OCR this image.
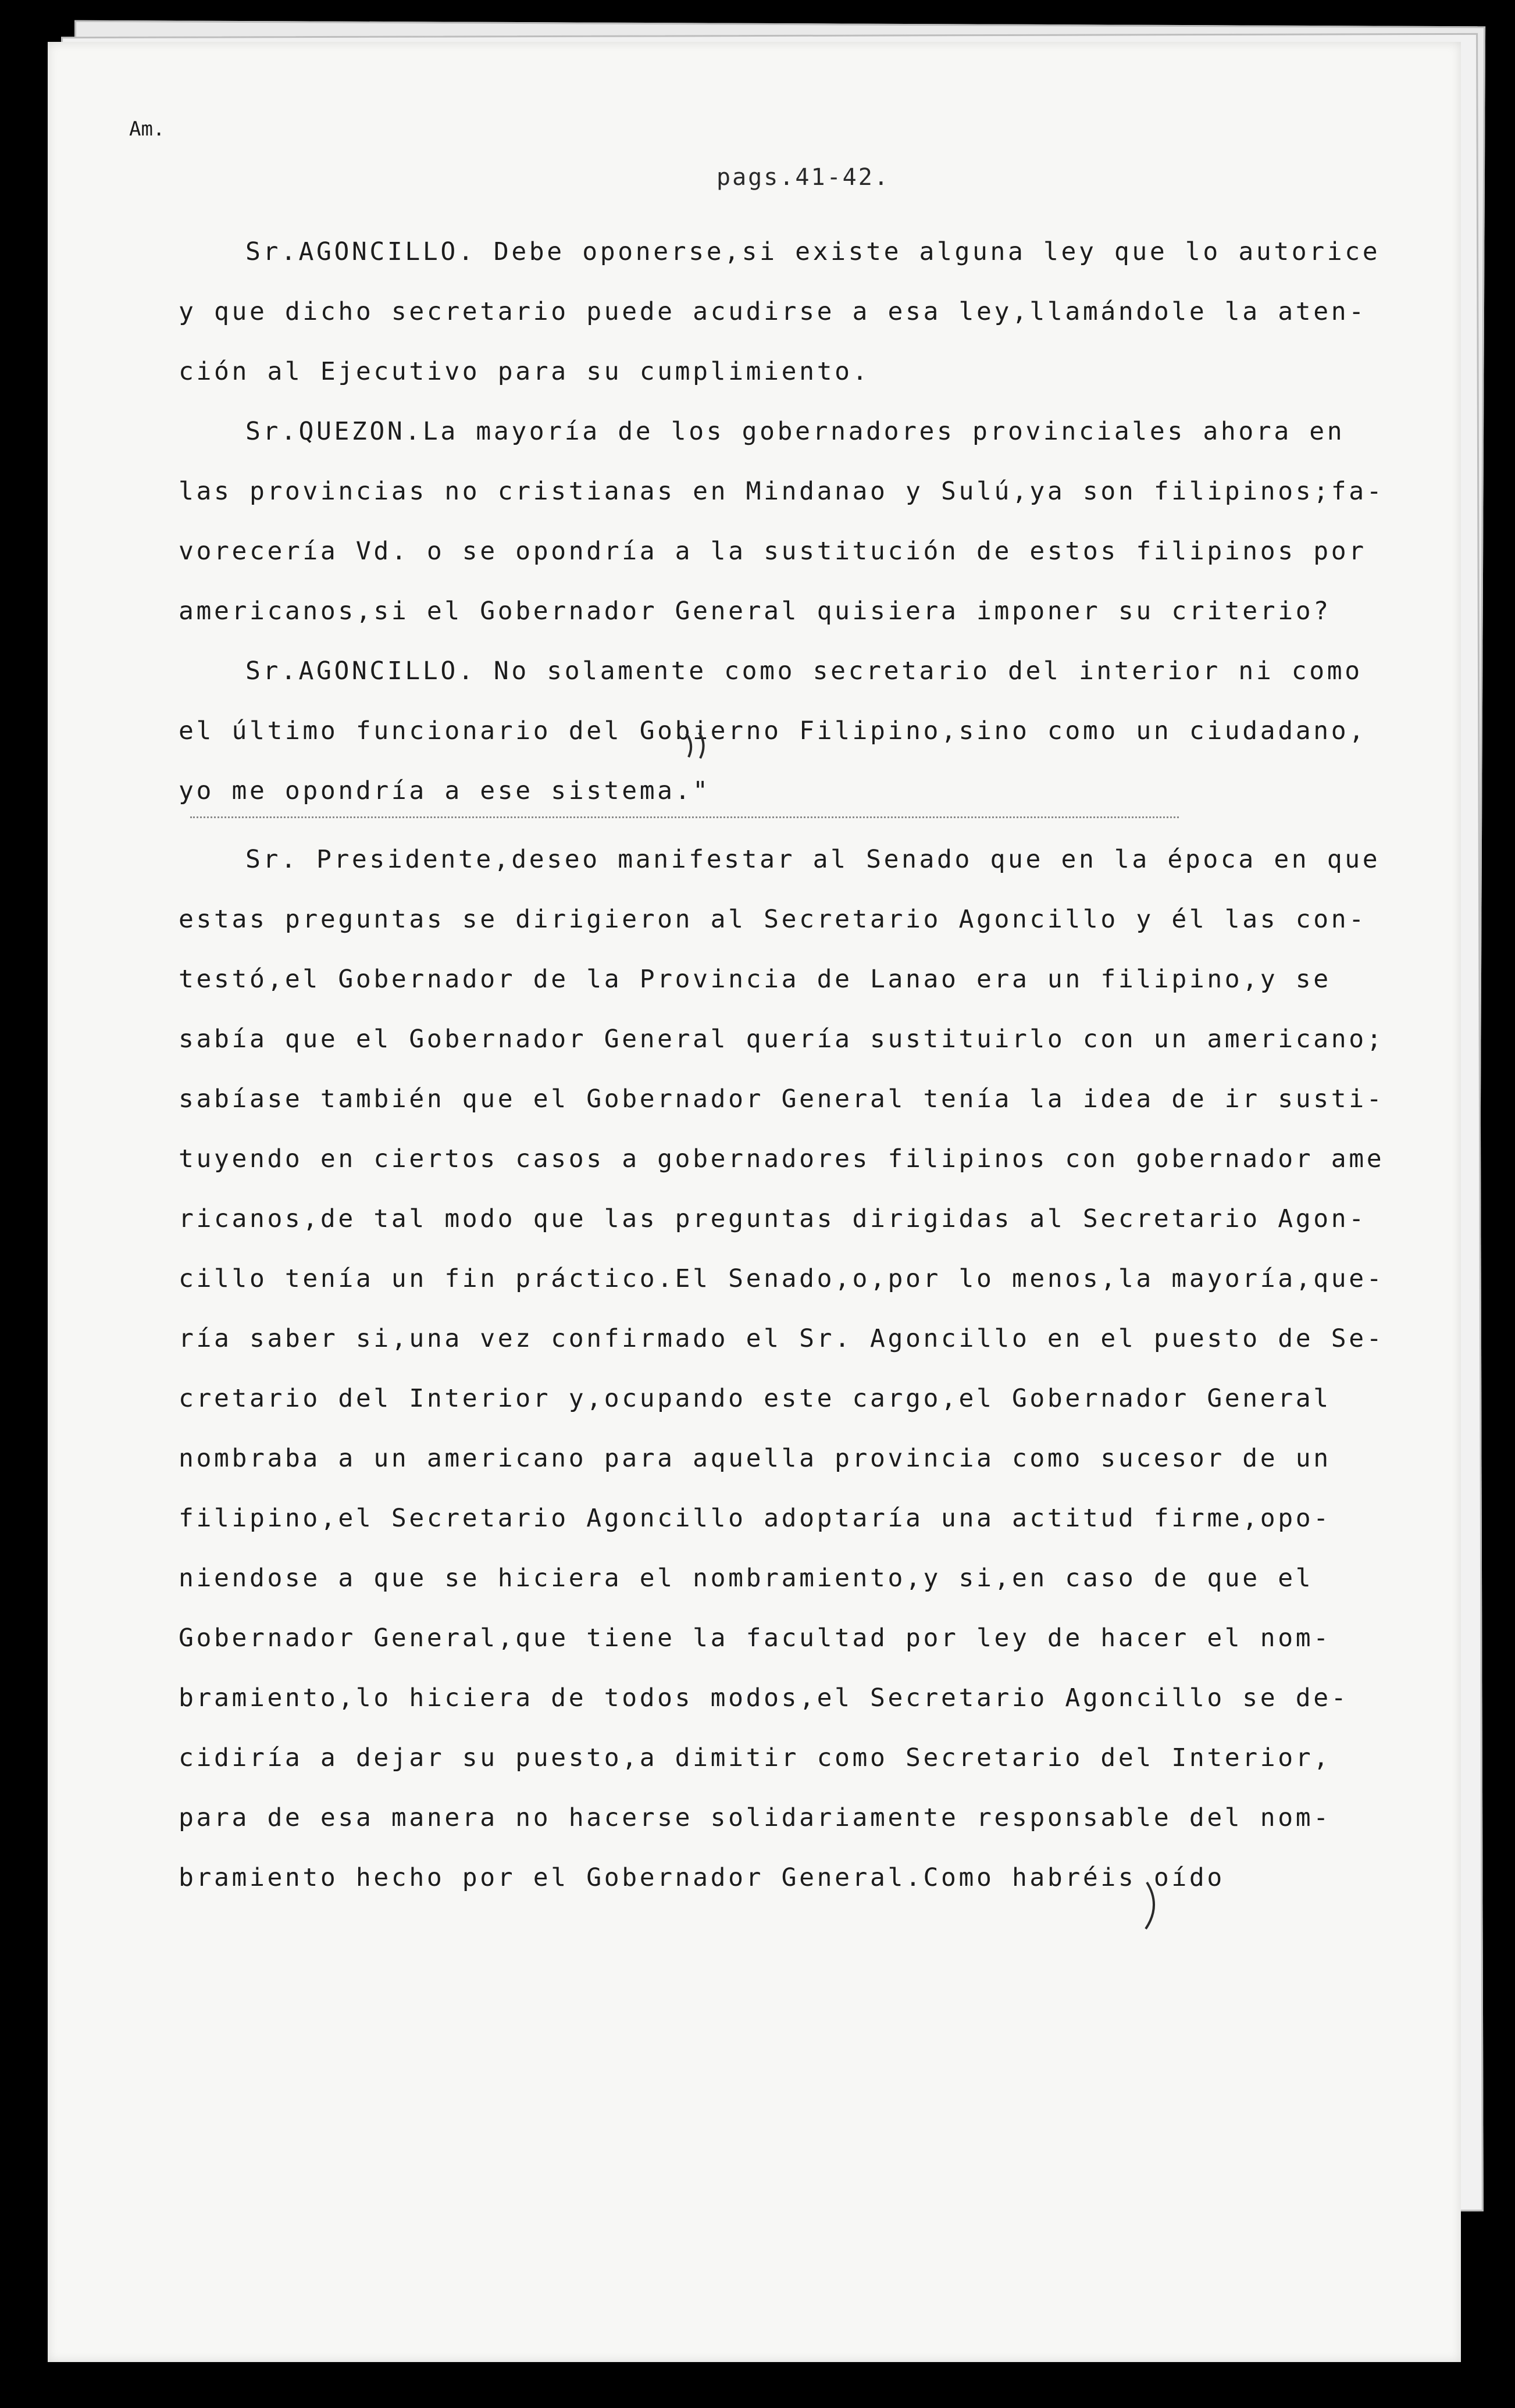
Am.
pags.41-42.
Sr.AGONCILLO. Debe oponerse,si existe alguna ley que lo autorice
y que dicho secretario puede acudirse a esa ley,llamándole la aten-
ción al Ejecutivo para su cumplimiento.
Sr.QUEZON.La mayoría de los gobernadores provinciales ahora en
las provincias no cristianas en Mindanao y Sulú,ya son filipinos;fa-
vorecería Vd. o se opondría a la sustitución de estos filipinos por
americanos,si el Gobernador General quisiera imponer su criterio?
Sr.AGONCILLO. No solamente como secretario del interior ni como
el último funcionario del Gobierno Filipino,sino como un ciudadano,
yo me opondría a ese sistema."
Sr. Presidente,deseo manifestar al Senado que en la época en que
estas preguntas se dirigieron al Secretario Agoncillo y él las con-
testó,el Gobernador de la Provincia de Lanao era un filipino,y se
sabía que el Gobernador General quería sustituirlo con un americano;
sabíase también que el Gobernador General tenía la idea de ir susti-
tuyendo en ciertos casos a gobernadores filipinos con gobernador ame
ricanos,de tal modo que las preguntas dirigidas al Secretario Agon-
cillo tenía un fin práctico.El Senado,o,por lo menos,la mayoría,que-
ría saber si,una vez confirmado el Sr. Agoncillo en el puesto de Se-
cretario del Interior y,ocupando este cargo,el Gobernador General
nombraba a un americano para aquella provincia como sucesor de un
filipino,el Secretario Agoncillo adoptaría una actitud firme,opo-
niendose a que se hiciera el nombramiento,y si,en caso de que el
Gobernador General,que tiene la facultad por ley de hacer el nom-
bramiento,lo hiciera de todos modos,el Secretario Agoncillo se de-
cidiría a dejar su puesto,a dimitir como Secretario del Interior,
para de esa manera no hacerse solidariamente responsable del nom-
bramiento hecho por el Gobernador General.Como habréis oído
